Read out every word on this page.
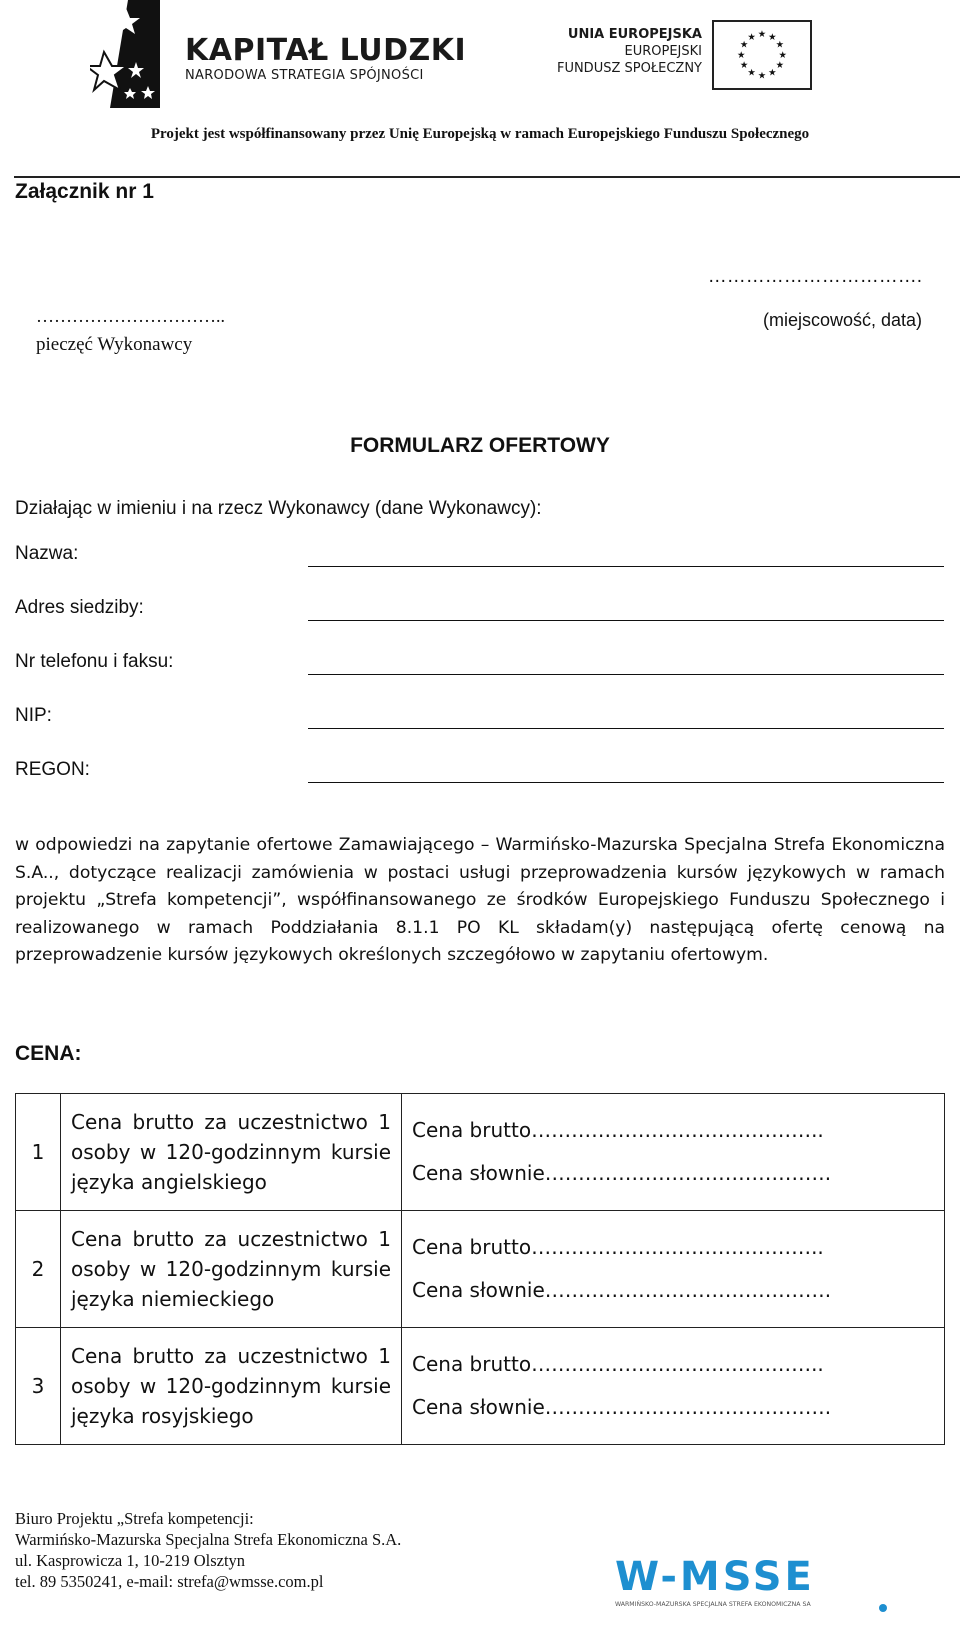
KAPITAŁ LUDZKI
NARODOWA STRATEGIA SPÓJNOŚCI
UNIA EUROPEJSKA
EUROPEJSKI
FUNDUSZ SPOŁECZNY
★ ★
★
★
★
★
★
★
★
★
★
★
Projekt jest współfinansowany przez Unię Europejską w ramach Europejskiego Funduszu Społecznego
Załącznik nr 1
…………………………….
(miejscowość, data)
…………………………..
pieczęć Wykonawcy
FORMULARZ OFERTOWY
Działając w imieniu i na rzecz Wykonawcy (dane Wykonawcy):
Nazwa:
Adres siedziby:
Nr telefonu i faksu:
NIP:
REGON:
w odpowiedzi na zapytanie ofertowe Zamawiającego – Warmińsko-Mazurska Specjalna Strefa Ekonomiczna S.A.., dotyczące realizacji zamówienia w postaci usługi przeprowadzenia kursów językowych w ramach projektu „Strefa kompetencji”, współfinansowanego ze środków Europejskiego Funduszu Społecznego i realizowanego w ramach Poddziałania 8.1.1 PO KL składam(y) następującą ofertę cenową na przeprowadzenie kursów językowych określonych szczegółowo w zapytaniu ofertowym.
CENA:
1	Cena brutto za uczestnictwo 1 osoby w 120-godzinnym kursie języka angielskiego	Cena brutto……………………………………..
Cena słownie…………………………………….

2	Cena brutto za uczestnictwo 1 osoby w 120-godzinnym kursie języka niemieckiego	Cena brutto……………………………………..
Cena słownie…………………………………….

3	Cena brutto za uczestnictwo 1 osoby w 120-godzinnym kursie języka rosyjskiego	Cena brutto……………………………………..
Cena słownie…………………………………….
Biuro Projektu „Strefa kompetencji:
Warmińsko-Mazurska Specjalna Strefa Ekonomiczna S.A.
ul. Kasprowicza 1, 10-219 Olsztyn
tel. 89 5350241, e-mail: strefa@wmsse.com.pl	W-MSSE
WARMIŃSKO-MAZURSKA SPECJALNA STREFA EKONOMICZNA SA
